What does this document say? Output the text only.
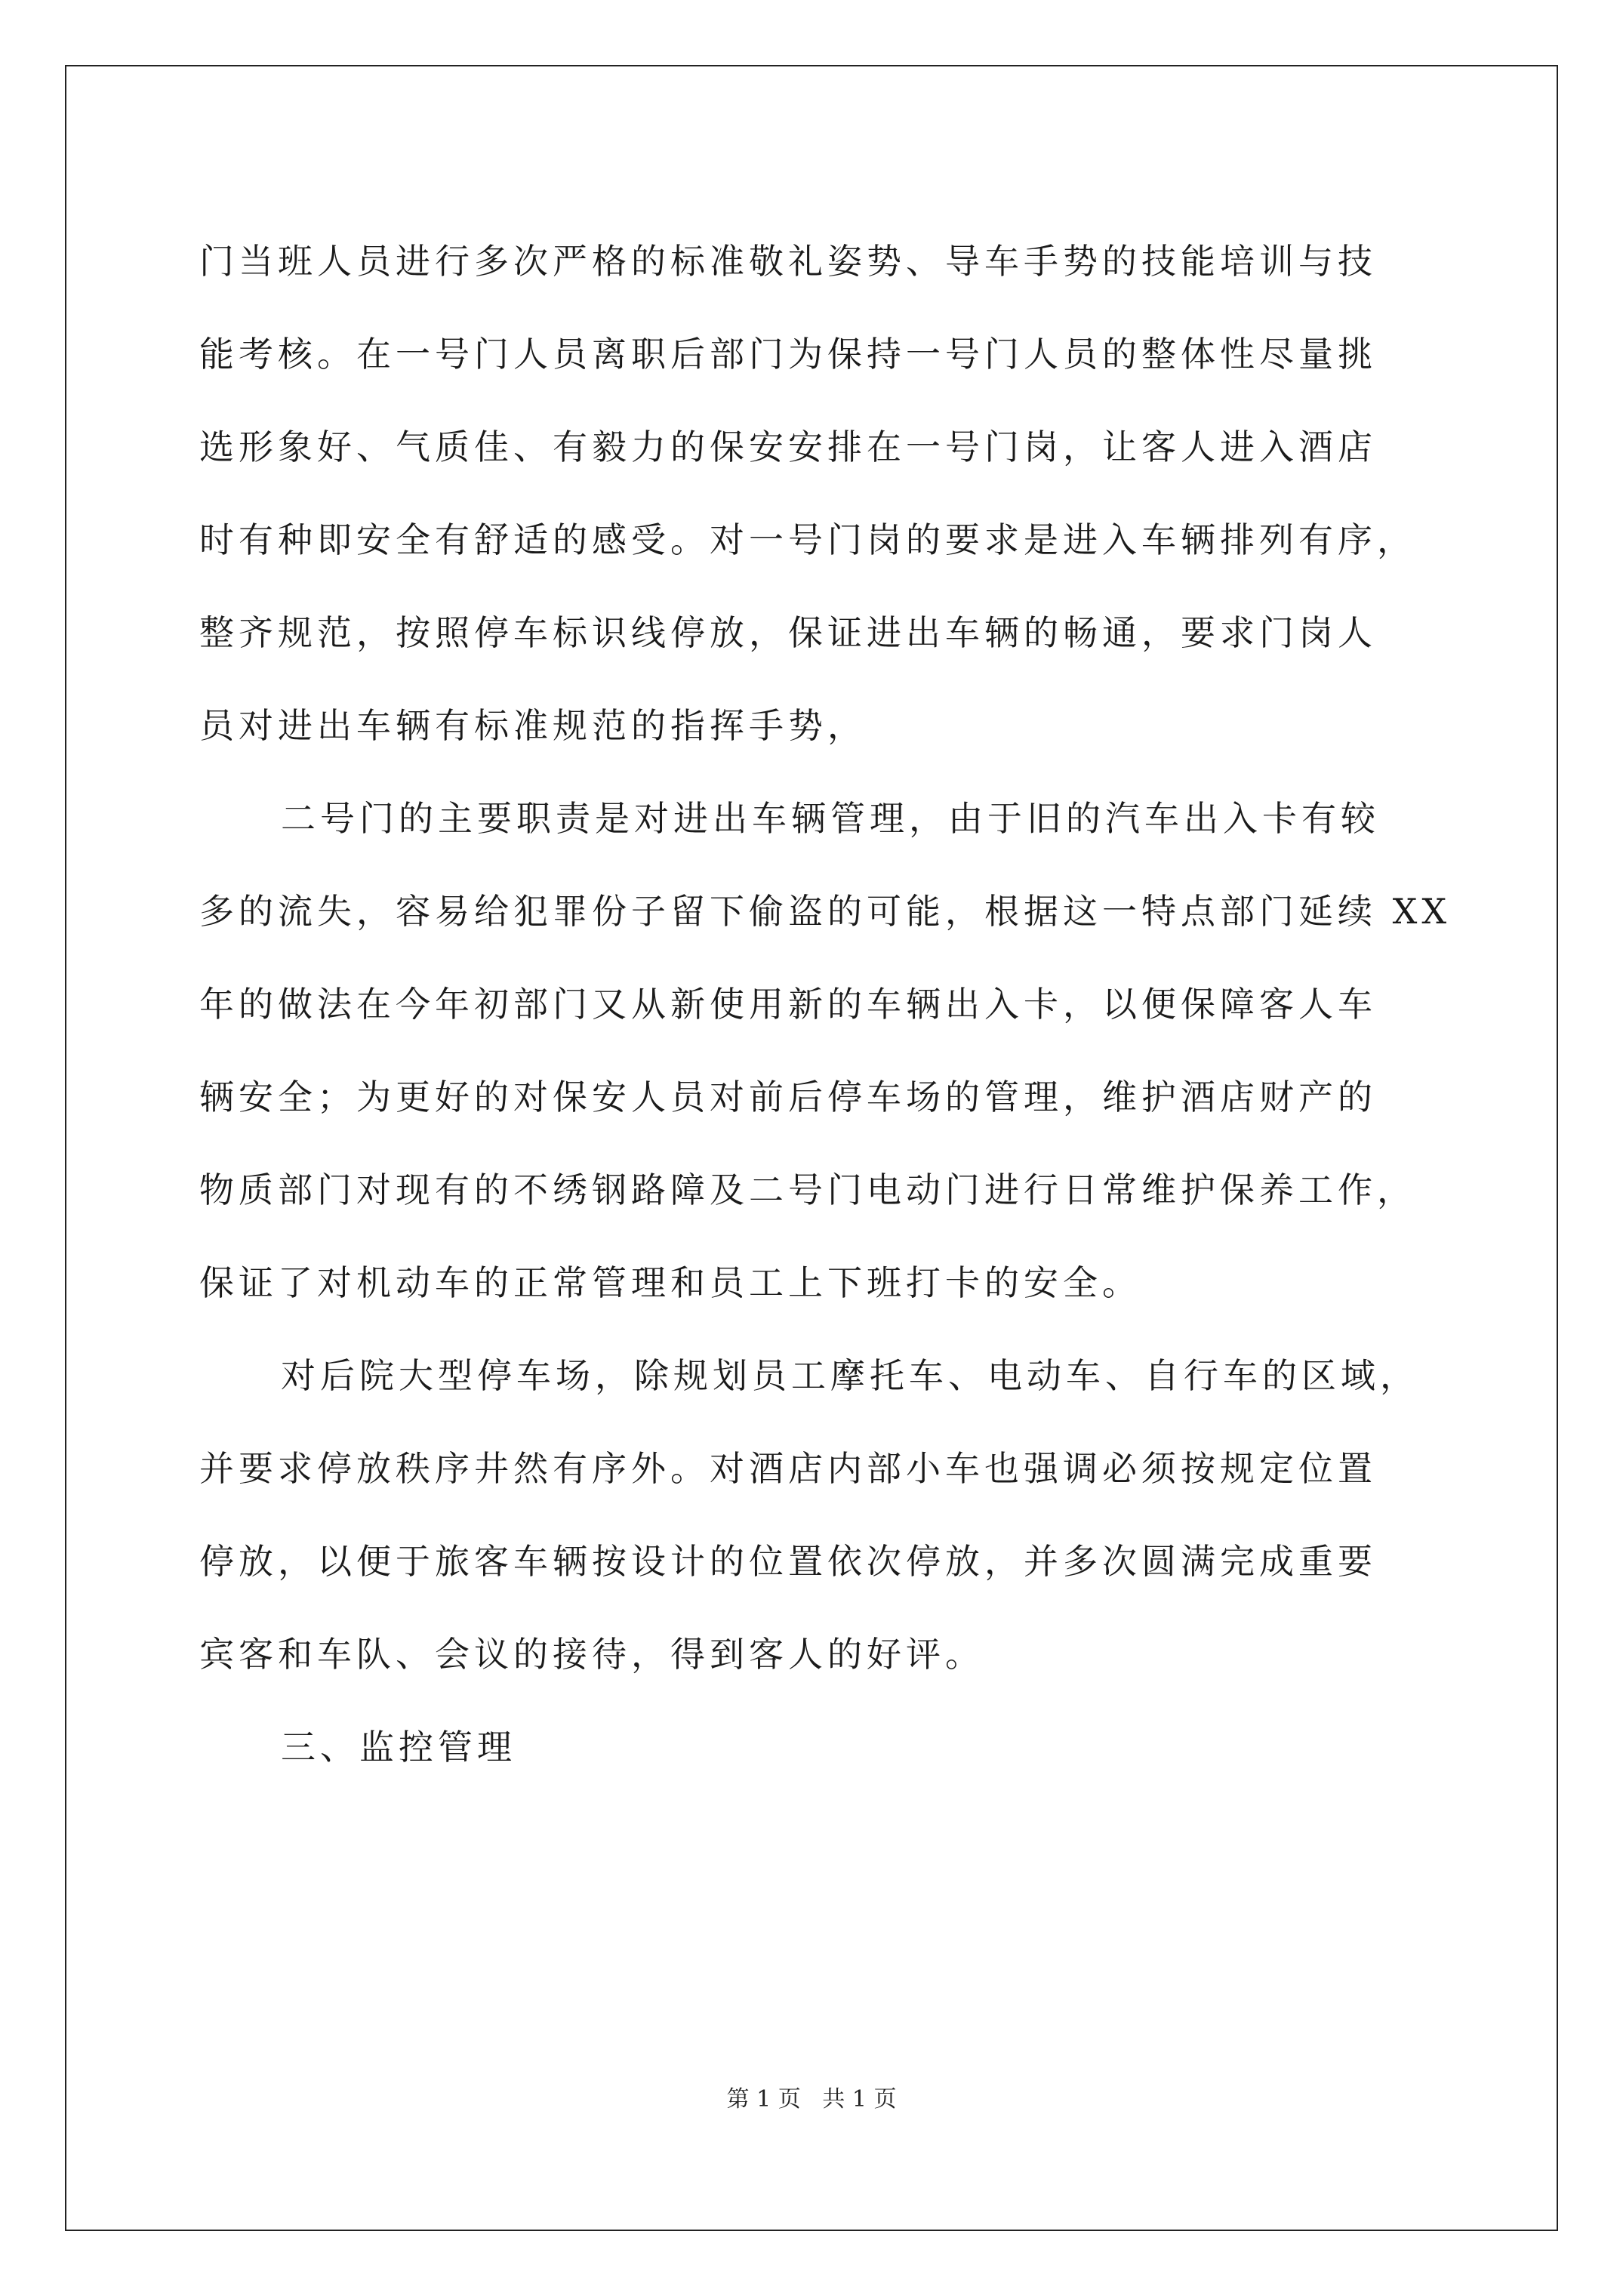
门当班人员进行多次严格的标准敬礼姿势、导车手势的技能培训与技
能考核。在一号门人员离职后部门为保持一号门人员的整体性尽量挑
选形象好、气质佳、有毅力的保安安排在一号门岗，让客人进入酒店
时有种即安全有舒适的感受。对一号门岗的要求是进入车辆排列有序，
整齐规范，按照停车标识线停放，保证进出车辆的畅通，要求门岗人
员对进出车辆有标准规范的指挥手势，
二号门的主要职责是对进出车辆管理，由于旧的汽车出入卡有较
多的流失，容易给犯罪份子留下偷盗的可能，根据这一特点部门延续 XX
年的做法在今年初部门又从新使用新的车辆出入卡，以便保障客人车
辆安全；为更好的对保安人员对前后停车场的管理，维护酒店财产的
物质部门对现有的不绣钢路障及二号门电动门进行日常维护保养工作，
保证了对机动车的正常管理和员工上下班打卡的安全。
对后院大型停车场，除规划员工摩托车、电动车、自行车的区域，
并要求停放秩序井然有序外。对酒店内部小车也强调必须按规定位置
停放，以便于旅客车辆按设计的位置依次停放，并多次圆满完成重要
宾客和车队、会议的接待，得到客人的好评。
三、监控管理
第 1 页   共 1 页
